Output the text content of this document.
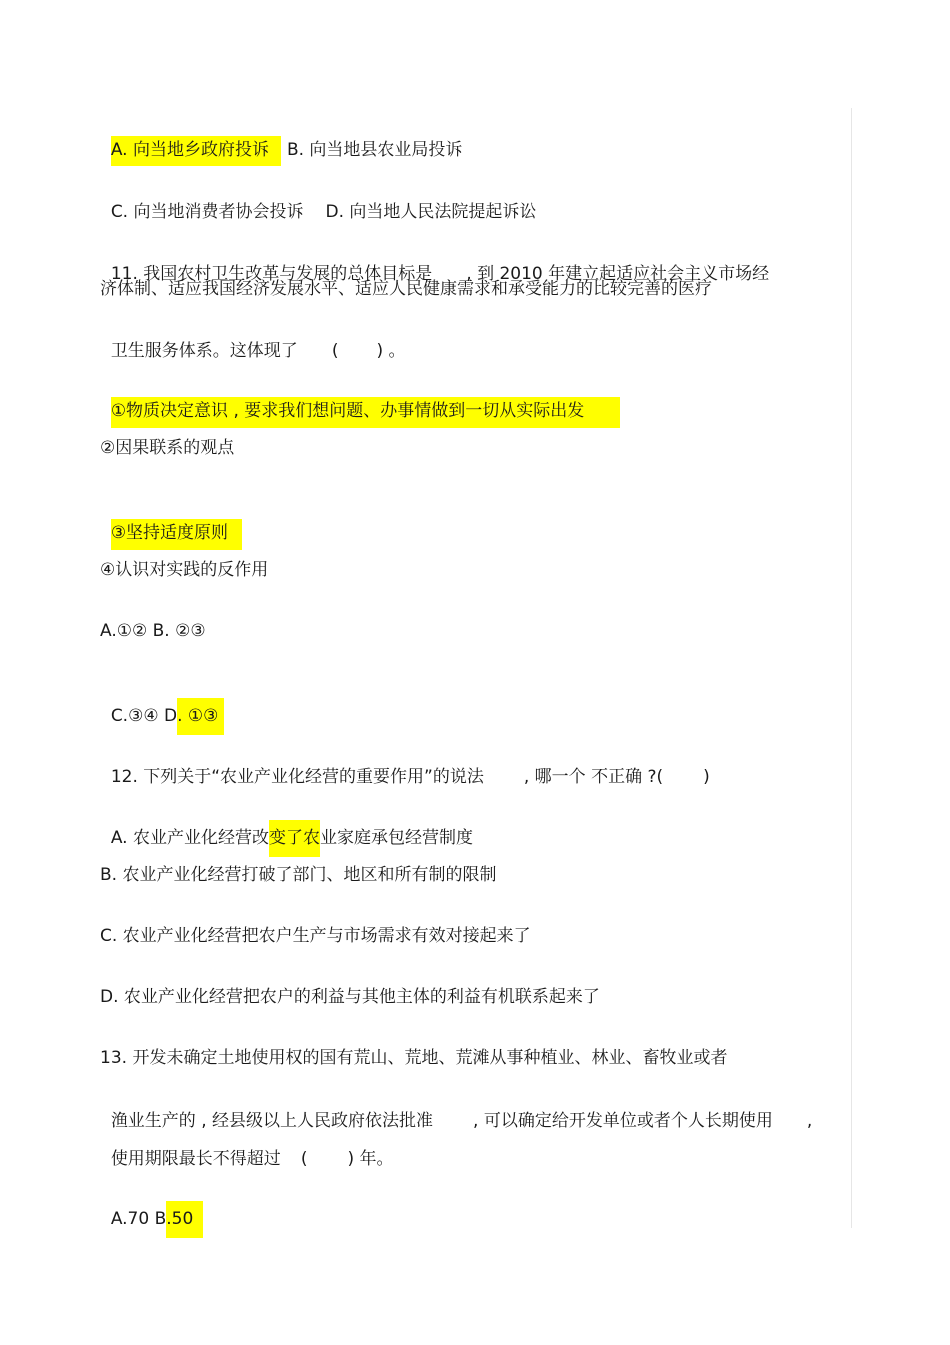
A. 向当地乡政府投诉 B. 向当地县农业局投诉

C. 向当地消费者协会投诉 D. 向当地人民法院提起诉讼

11. 我国农村卫生改革与发展的总体目标是 , 到 2010 年建立起适应社会主义市场经

济体制、适应我国经济发展水平、适应人民健康需求和承受能力的比较完善的医疗

卫生服务体系。这体现了 ( ) 。

①物质决定意识 , 要求我们想问题、办事情做到一切从实际出发

②因果联系的观点

③坚持适度原则

④认识对实践的反作用
A.①② B. ②③

C.③④ D. ①③

12. 下列关于“农业产业化经营的重要作用”的说法 , 哪一个 不正确 ?( )

A. 农业产业化经营改变了农业家庭承包经营制度

B. 农业产业化经营打破了部门、地区和所有制的限制
C. 农业产业化经营把农户生产与市场需求有效对接起来了
D. 农业产业化经营把农户的利益与其他主体的利益有机联系起来了
13. 开发未确定土地使用权的国有荒山、荒地、荒滩从事种植业、林业、畜牧业或者

渔业生产的 , 经县级以上人民政府依法批准 , 可以确定给开发单位或者个人长期使用 ,

使用期限最长不得超过 ( ) 年。

A.70 B.50
